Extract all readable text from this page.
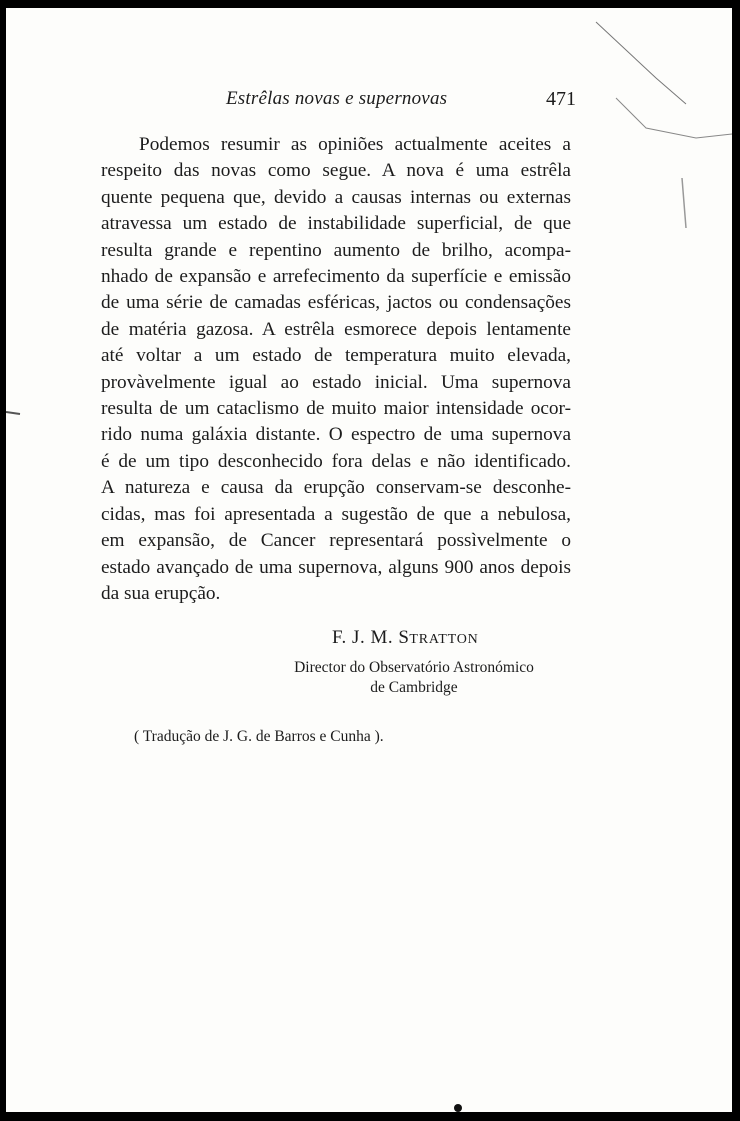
Estrêlas novas e supernovas	471
Podemos resumir as opiniões actualmente aceites a
respeito das novas como segue. A nova é uma estrêla
quente pequena que, devido a causas internas ou externas
atravessa um estado de instabilidade superficial, de que
resulta grande e repentino aumento de brilho, acompa-
nhado de expansão e arrefecimento da superfície e emissão
de uma série de camadas esféricas, jactos ou condensações
de matéria gazosa. A estrêla esmorece depois lentamente
até voltar a um estado de temperatura muito elevada,
provàvelmente igual ao estado inicial. Uma supernova
resulta de um cataclismo de muito maior intensidade ocor-
rido numa galáxia distante. O espectro de uma supernova
é de um tipo desconhecido fora delas e não identificado.
A natureza e causa da erupção conservam-se desconhe-
cidas, mas foi apresentada a sugestão de que a nebulosa,
em expansão, de Cancer representará possìvelmente o
estado avançado de uma supernova, alguns 900 anos depois
da sua erupção.
F. J. M. STRATTON
Director do Observatório Astronómico
de Cambridge
( Tradução de J. G. de Barros e Cunha ).
